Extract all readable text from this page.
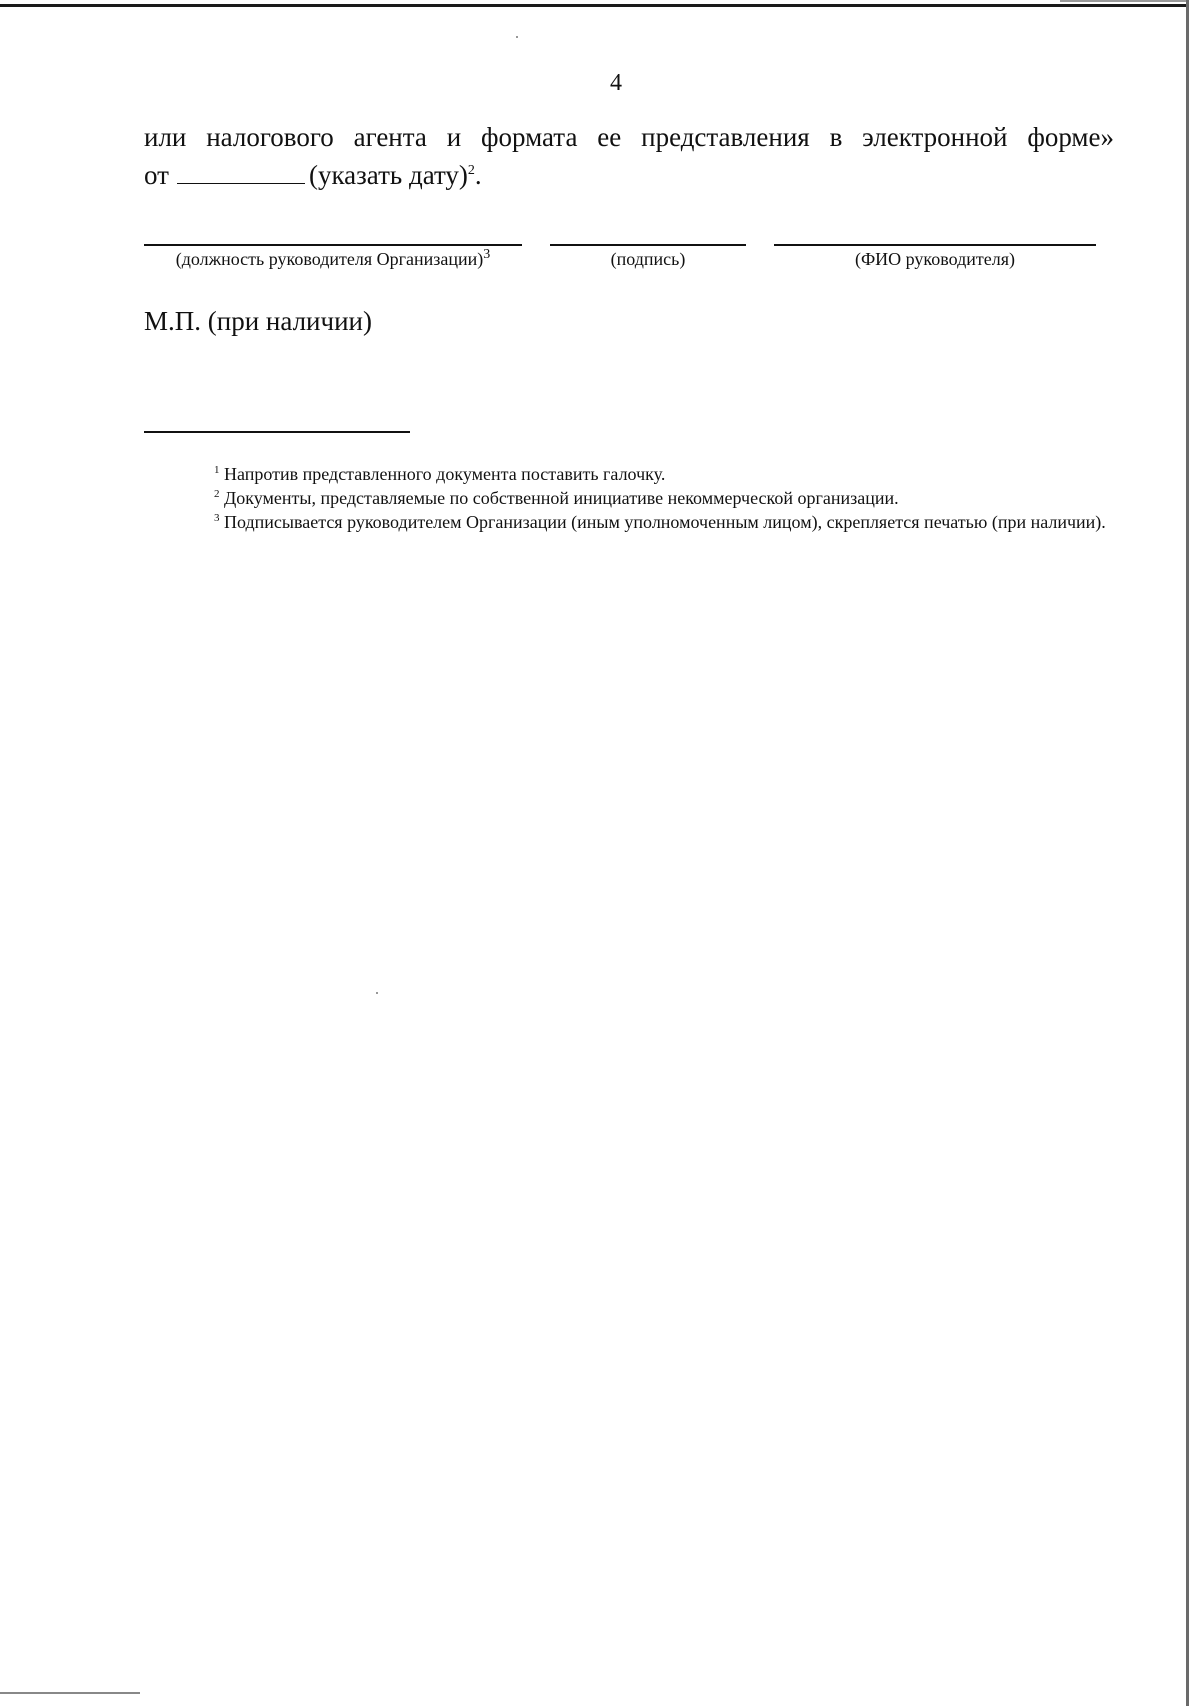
4
или налогового агента и формата ее представления в электронной форме»
от	(указать дату)$^2$.
(должность руководителя Организации)$^3$	(подпись)	(ФИО руководителя)
М.П. (при наличии)
$^1$ Напротив представленного документа поставить галочку.
$^2$ Документы, представляемые по собственной инициативе некоммерческой организации.
$^3$ Подписывается руководителем Организации (иным уполномоченным лицом), скрепляется печатью (при наличии).
